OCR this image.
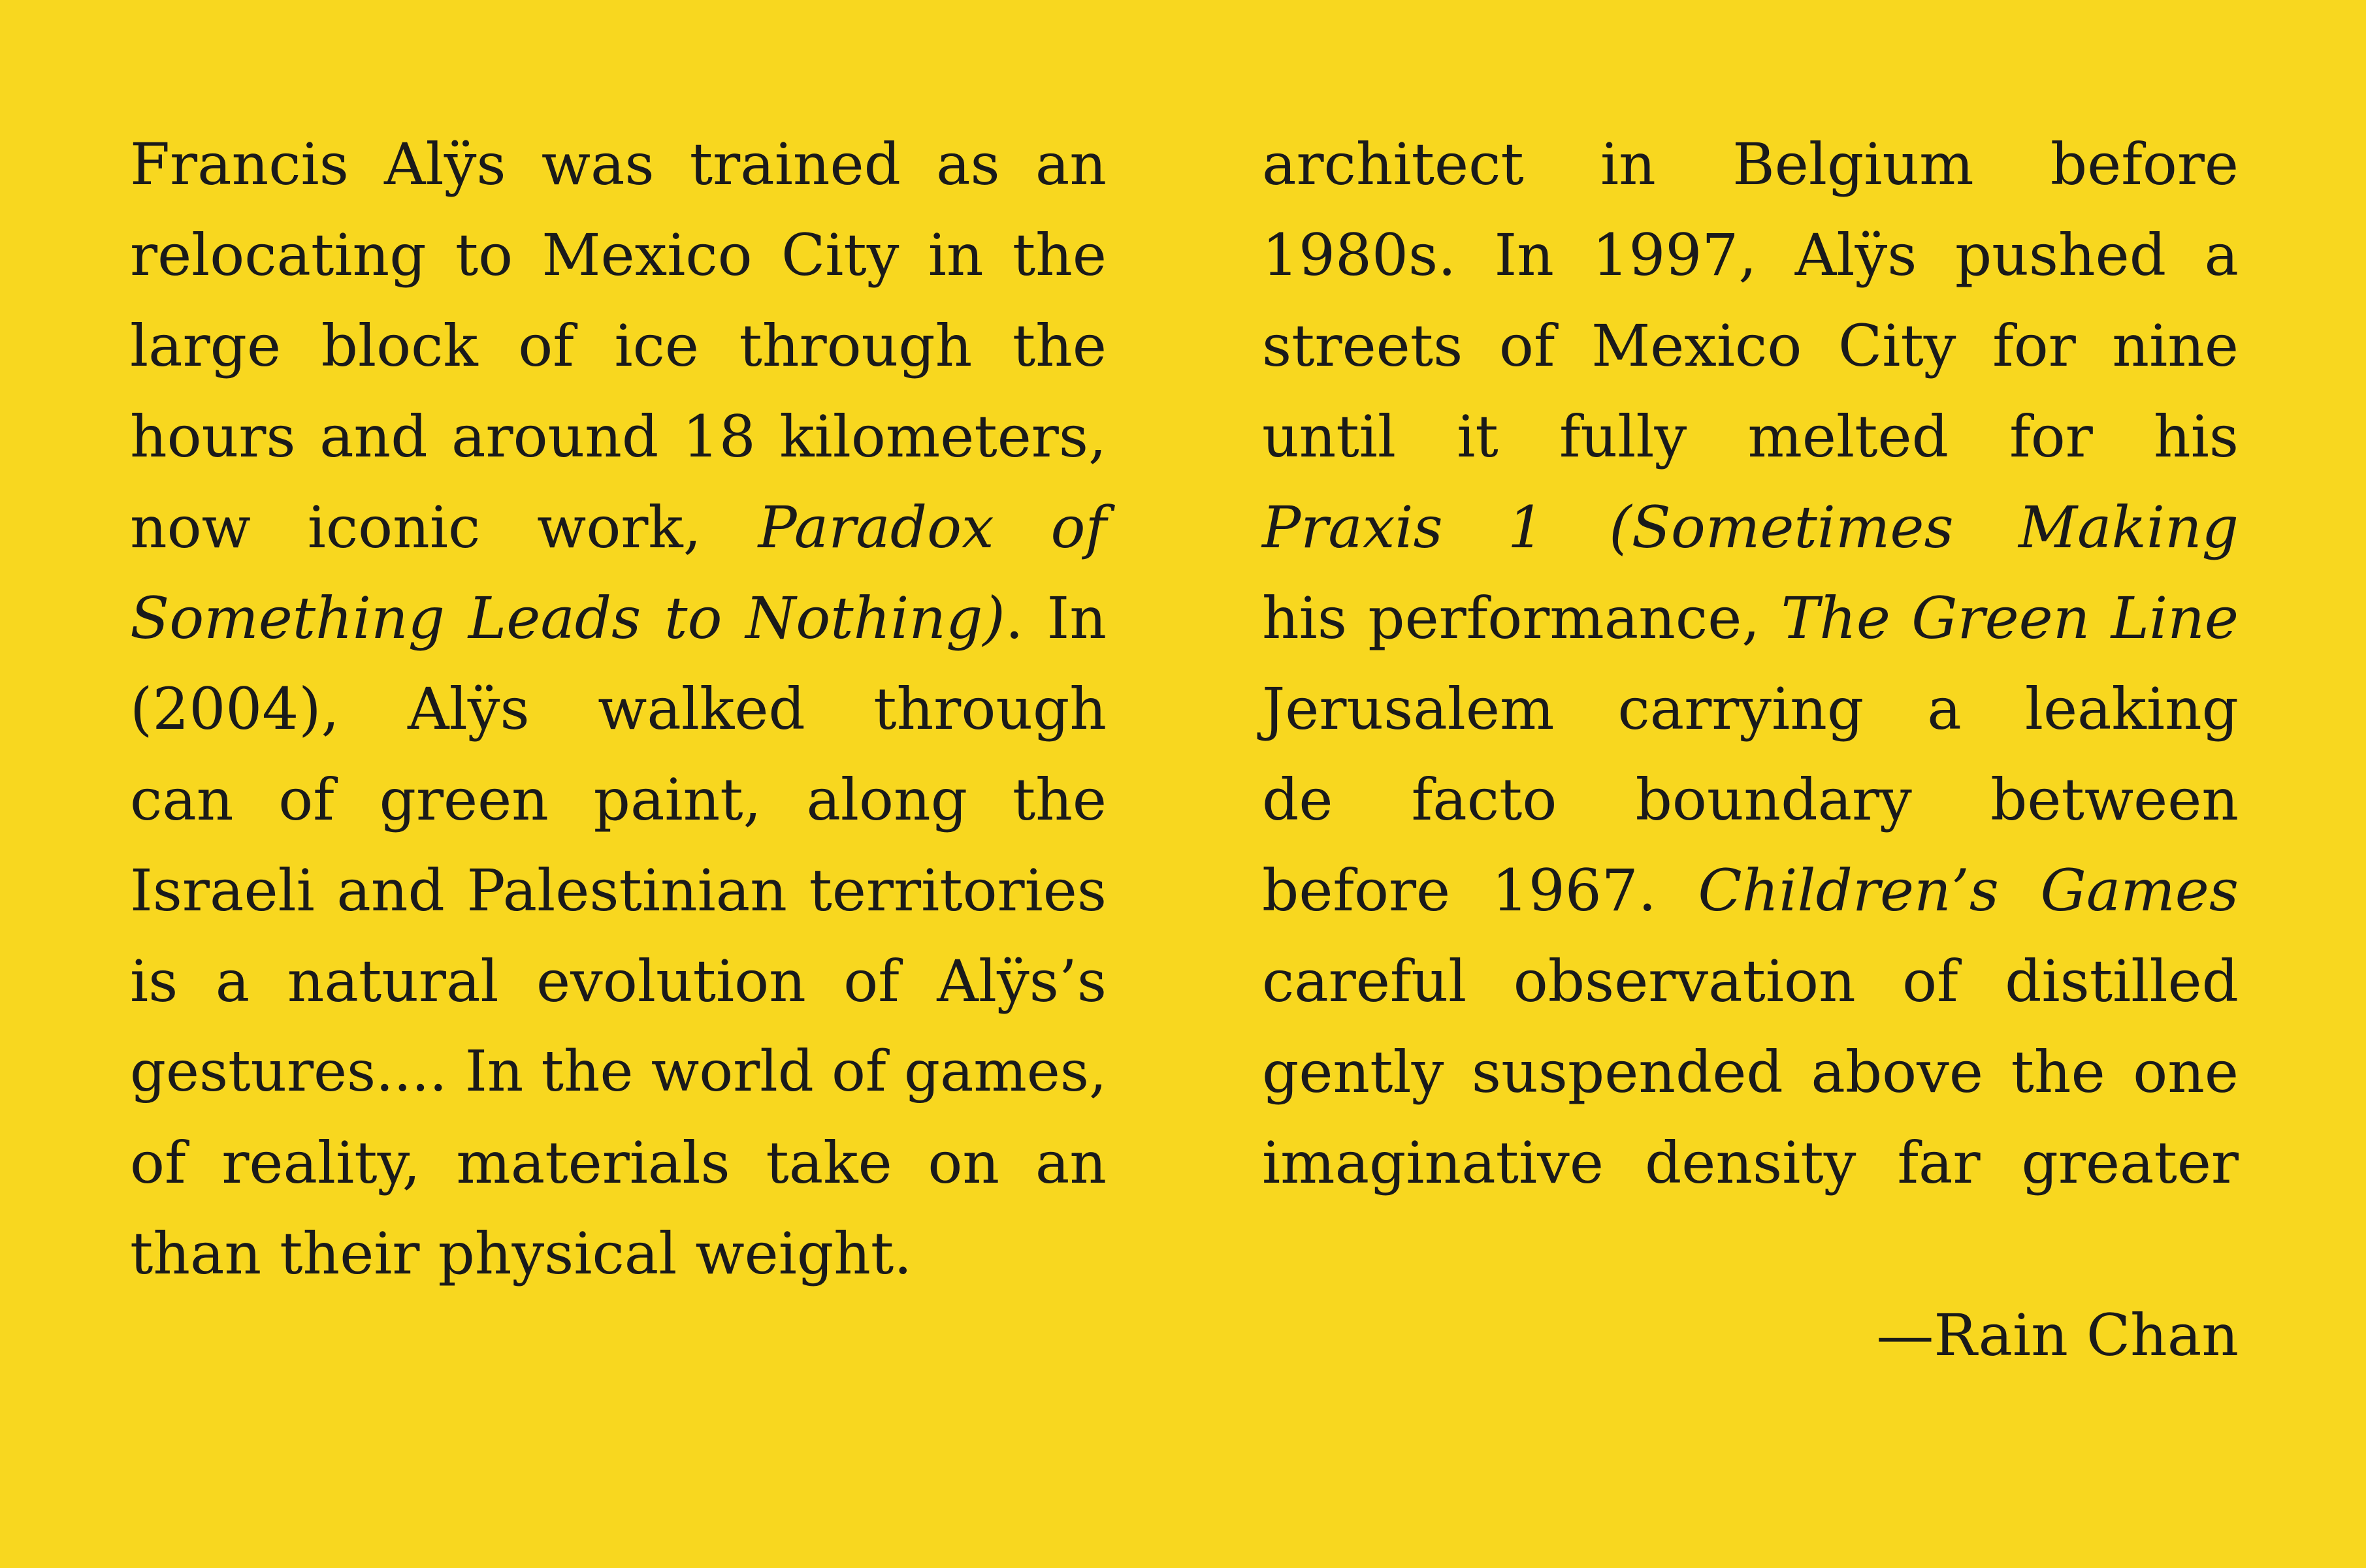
Francis Alÿs was trained as an
relocating to Mexico City in the
large block of ice through the
hours and around 18 kilometers,
now iconic work, Paradox of
Something Leads to Nothing). In
(2004), Alÿs walked through
can of green paint, along the
Israeli and Palestinian territories
is a natural evolution of Alÿs’s
gestures.... In the world of games,
of reality, materials take on an
than their physical weight.
architect in Belgium before
1980s. In 1997, Alÿs pushed a
streets of Mexico City for nine
until it fully melted for his
Praxis 1 (Sometimes Making
his performance, The Green Line
Jerusalem carrying a leaking
de facto boundary between
before 1967. Children’s Games
careful observation of distilled
gently suspended above the one
imaginative density far greater
—Rain Chan
